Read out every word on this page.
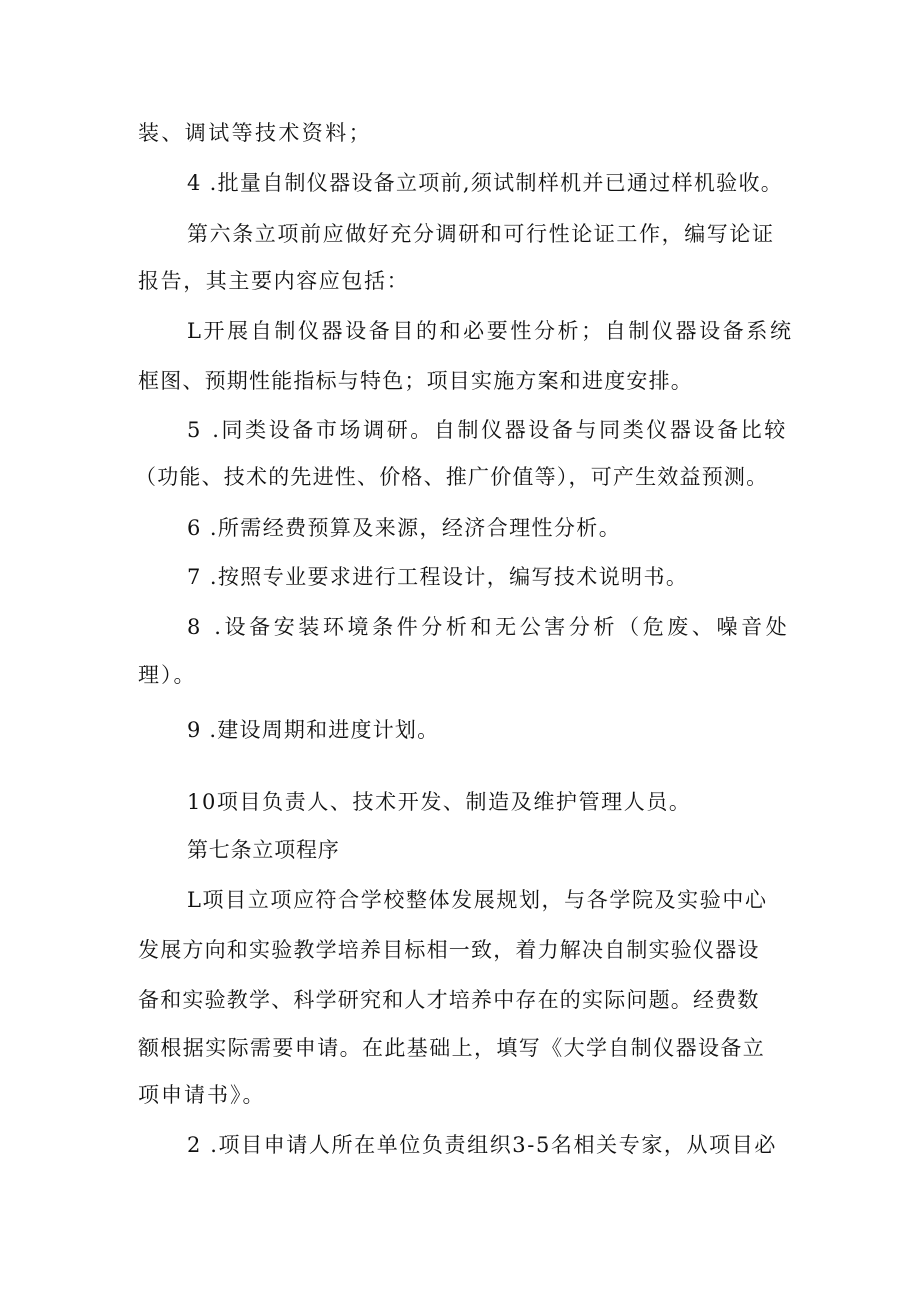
装、调试等技术资料；
4 .批量自制仪器设备立项前,须试制样机并已通过样机验收。
第六条立项前应做好充分调研和可行性论证工作，编写论证
报告，其主要内容应包括：
L开展自制仪器设备目的和必要性分析；自制仪器设备系统
框图、预期性能指标与特色；项目实施方案和进度安排。
5 .同类设备市场调研。自制仪器设备与同类仪器设备比较
（功能、技术的先进性、价格、推广价值等），可产生效益预测。
6 .所需经费预算及来源，经济合理性分析。
7 .按照专业要求进行工程设计，编写技术说明书。
8 .设备安装环境条件分析和无公害分析（危废、噪音处
理）。
9 .建设周期和进度计划。
10项目负责人、技术开发、制造及维护管理人员。
第七条立项程序
L项目立项应符合学校整体发展规划，与各学院及实验中心
发展方向和实验教学培养目标相一致，着力解决自制实验仪器设
备和实验教学、科学研究和人才培养中存在的实际问题。经费数
额根据实际需要申请。在此基础上，填写《大学自制仪器设备立
项申请书》。
2 .项目申请人所在单位负责组织3-5名相关专家，从项目必
